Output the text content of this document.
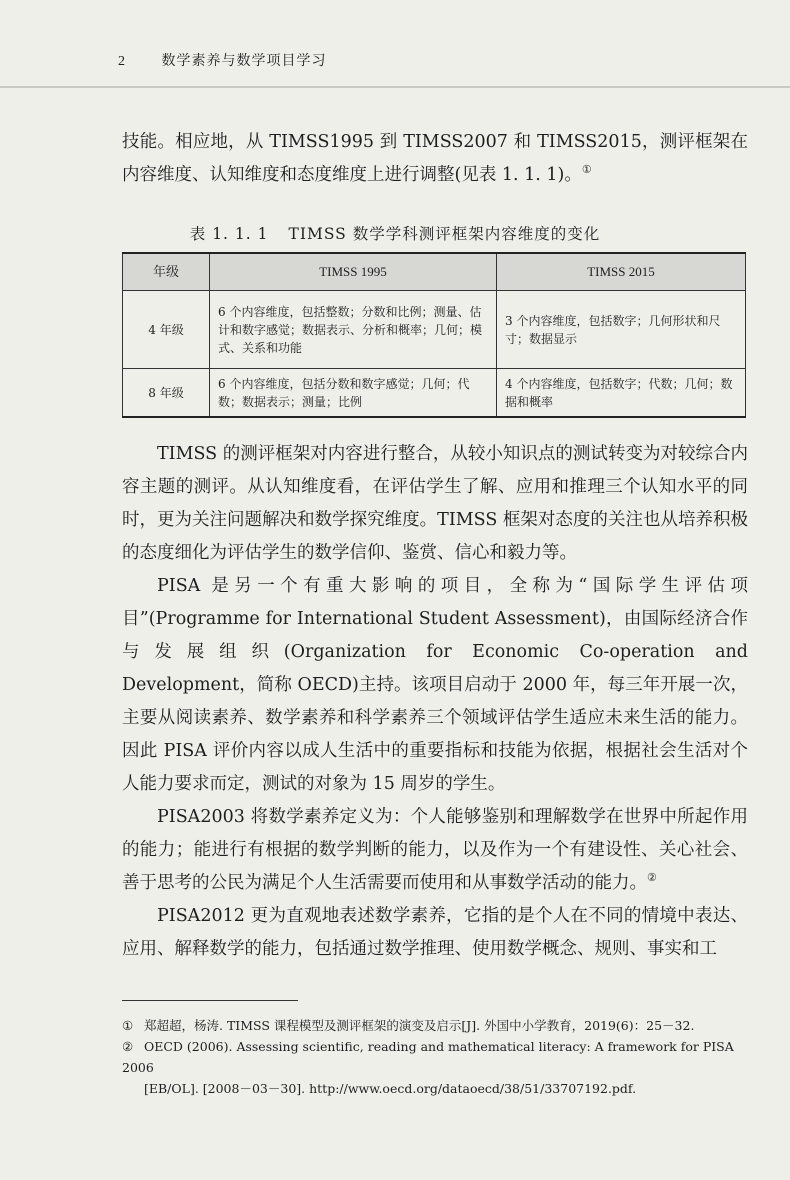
2	数学素养与数学项目学习

技能。相应地，从 TIMSS1995 到 TIMSS2007 和 TIMSS2015，测评框架在内容维度、认知维度和态度维度上进行调整(见表 1. 1. 1)。①

表 1. 1. 1 TIMSS 数学学科测评框架内容维度的变化
年级	TIMSS 1995	TIMSS 2015
4 年级	6 个内容维度，包括整数；分数和比例；测量、估计和数字感觉；数据表示、分析和概率；几何；模式、关系和功能	3 个内容维度，包括数字；几何形状和尺寸；数据显示
8 年级	6 个内容维度，包括分数和数字感觉；几何；代数；数据表示；测量；比例	4 个内容维度，包括数字；代数；几何；数据和概率

TIMSS 的测评框架对内容进行整合，从较小知识点的测试转变为对较综合内容主题的测评。从认知维度看，在评估学生了解、应用和推理三个认知水平的同时，更为关注问题解决和数学探究维度。TIMSS 框架对态度的关注也从培养积极的态度细化为评估学生的数学信仰、鉴赏、信心和毅力等。

PISA 是另一个有重大影响的项目，全称为“国际学生评估项目”(Programme for International Student Assessment)，由国际经济合作与发展组织(Organization for Economic Co-operation and Development，简称 OECD)主持。该项目启动于 2000 年，每三年开展一次，主要从阅读素养、数学素养和科学素养三个领域评估学生适应未来生活的能力。因此 PISA 评价内容以成人生活中的重要指标和技能为依据，根据社会生活对个人能力要求而定，测试的对象为 15 周岁的学生。

PISA2003 将数学素养定义为：个人能够鉴别和理解数学在世界中所起作用的能力；能进行有根据的数学判断的能力，以及作为一个有建设性、关心社会、善于思考的公民为满足个人生活需要而使用和从事数学活动的能力。②

PISA2012 更为直观地表述数学素养，它指的是个人在不同的情境中表达、应用、解释数学的能力，包括通过数学推理、使用数学概念、规则、事实和工

① 郑超超，杨涛. TIMSS 课程模型及测评框架的演变及启示[J]. 外国中小学教育，2019(6)：25－32.

② OECD (2006). Assessing scientific, reading and mathematical literacy: A framework for PISA 2006

[EB/OL]. [2008－03－30]. http://www.oecd.org/dataoecd/38/51/33707192.pdf.
